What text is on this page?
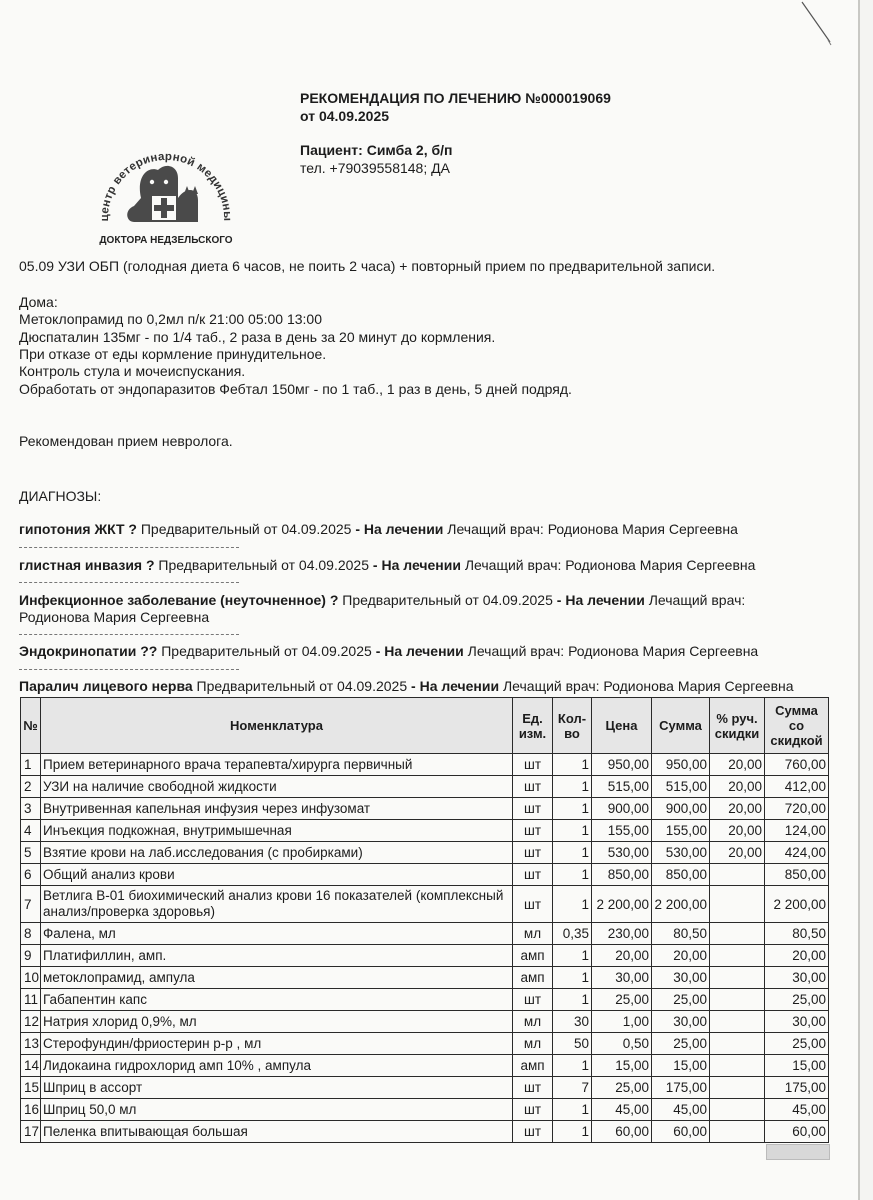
центр ветеринарной медицины
ДОКТОРА НЕДЗЕЛЬСКОГО
РЕКОМЕНДАЦИЯ ПО ЛЕЧЕНИЮ №000019069
от 04.09.2025
Пациент: Симба 2, б/п
тел. +79039558148; ДА
05.09 УЗИ ОБП (голодная диета 6 часов, не поить 2 часа) + повторный прием по предварительной записи.
Дома:
Метоклопрамид по 0,2мл п/к 21:00 05:00 13:00
Дюспаталин 135мг - по 1/4 таб., 2 раза в день за 20 минут до кормления.
При отказе от еды кормление принудительное.
Контроль стула и мочеиспускания.
Обработать от эндопаразитов Фебтал 150мг - по 1 таб., 1 раз в день, 5 дней подряд.
Рекомендован прием невролога.
ДИАГНОЗЫ:
гипотония ЖКТ ? Предварительный от 04.09.2025 - На лечении Лечащий врач: Родионова Мария Сергеевна
глистная инвазия ? Предварительный от 04.09.2025 - На лечении Лечащий врач: Родионова Мария Сергеевна
Инфекционное заболевание (неуточненное) ? Предварительный от 04.09.2025 - На лечении Лечащий врач:
Родионова Мария Сергеевна
Эндокринопатии ?? Предварительный от 04.09.2025 - На лечении Лечащий врач: Родионова Мария Сергеевна
Паралич лицевого нерва Предварительный от 04.09.2025 - На лечении Лечащий врач: Родионова Мария Сергеевна
№	Номенклатура	Ед. изм.	Кол-во	Цена	Сумма	% руч. скидки	Сумма со скидкой
1	Прием ветеринарного врача терапевта/хирурга первичный	шт	1	950,00	950,00	20,00	760,00
2	УЗИ на наличие свободной жидкости	шт	1	515,00	515,00	20,00	412,00
3	Внутривенная капельная инфузия через инфузомат	шт	1	900,00	900,00	20,00	720,00
4	Инъекция подкожная, внутримышечная	шт	1	155,00	155,00	20,00	124,00
5	Взятие крови на лаб.исследования (с пробирками)	шт	1	530,00	530,00	20,00	424,00
6	Общий анализ крови	шт	1	850,00	850,00		850,00
7	Ветлига В-01 биохимический анализ крови 16 показателей (комплексный анализ/проверка здоровья)	шт	1	2 200,00	2 200,00		2 200,00
8	Фалена, мл	мл	0,35	230,00	80,50		80,50
9	Платифиллин, амп.	амп	1	20,00	20,00		20,00
10	метоклопрамид, ампула	амп	1	30,00	30,00		30,00
11	Габапентин капс	шт	1	25,00	25,00		25,00
12	Натрия хлорид 0,9%, мл	мл	30	1,00	30,00		30,00
13	Стерофундин/фриостерин р-р , мл	мл	50	0,50	25,00		25,00
14	Лидокаина гидрохлорид амп 10% , ампула	амп	1	15,00	15,00		15,00
15	Шприц в ассорт	шт	7	25,00	175,00		175,00
16	Шприц 50,0 мл	шт	1	45,00	45,00		45,00
17	Пеленка впитывающая большая	шт	1	60,00	60,00		60,00
